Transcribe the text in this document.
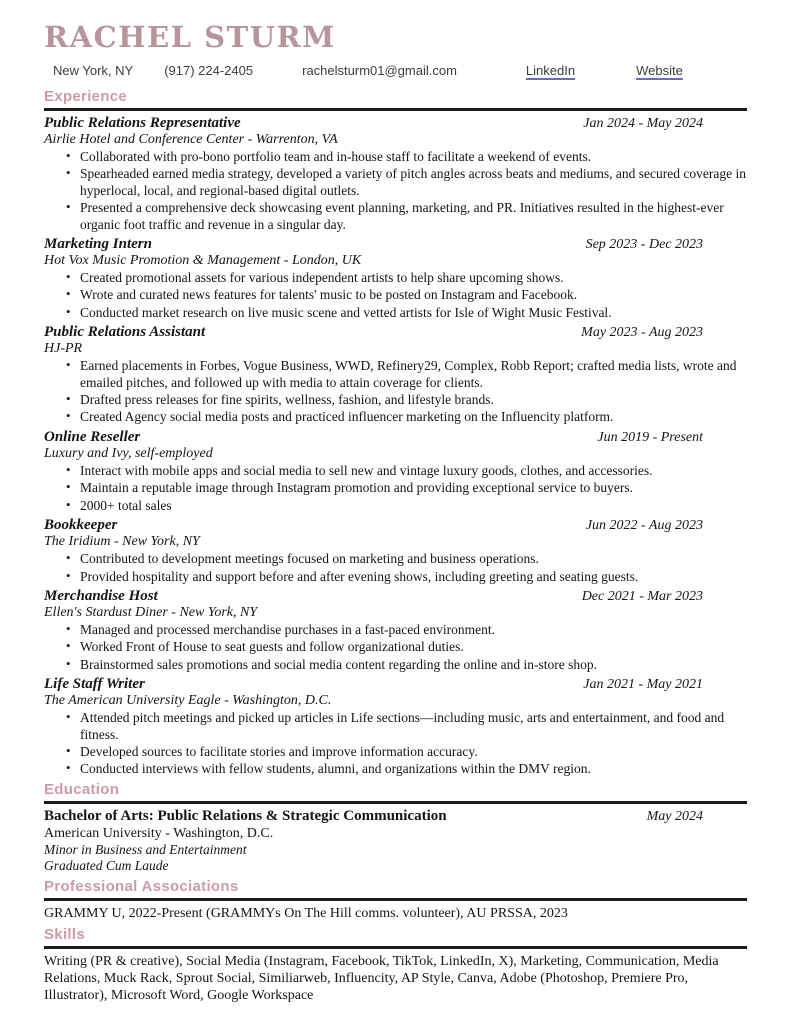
RACHEL STURM
New York, NY (917) 224-2405	rachelsturm01@gmail.com	LinkedIn	Website
Experience
Public Relations Representative	Jan 2024 - May 2024
Airlie Hotel and Conference Center - Warrenton, VA
• Collaborated with pro-bono portfolio team and in-house staff to facilitate a weekend of events.
• Spearheaded earned media strategy, developed a variety of pitch angles across beats and mediums, and secured coverage in hyperlocal, local, and regional-based digital outlets.
• Presented a comprehensive deck showcasing event planning, marketing, and PR. Initiatives resulted in the highest-ever organic foot traffic and revenue in a singular day.
Marketing Intern	Sep 2023 - Dec 2023
Hot Vox Music Promotion & Management - London, UK
• Created promotional assets for various independent artists to help share upcoming shows.
• Wrote and curated news features for talents' music to be posted on Instagram and Facebook.
• Conducted market research on live music scene and vetted artists for Isle of Wight Music Festival.
Public Relations Assistant	May 2023 - Aug 2023
HJ-PR
• Earned placements in Forbes, Vogue Business, WWD, Refinery29, Complex, Robb Report; crafted media lists, wrote and emailed pitches, and followed up with media to attain coverage for clients.
• Drafted press releases for fine spirits, wellness, fashion, and lifestyle brands.
• Created Agency social media posts and practiced influencer marketing on the Influencity platform.
Online Reseller	Jun 2019 - Present
Luxury and Ivy, self-employed
• Interact with mobile apps and social media to sell new and vintage luxury goods, clothes, and accessories.
• Maintain a reputable image through Instagram promotion and providing exceptional service to buyers.
• 2000+ total sales
Bookkeeper	Jun 2022 - Aug 2023
The Iridium - New York, NY
• Contributed to development meetings focused on marketing and business operations.
• Provided hospitality and support before and after evening shows, including greeting and seating guests.
Merchandise Host	Dec 2021 - Mar 2023
Ellen's Stardust Diner - New York, NY
• Managed and processed merchandise purchases in a fast-paced environment.
• Worked Front of House to seat guests and follow organizational duties.
• Brainstormed sales promotions and social media content regarding the online and in-store shop.
Life Staff Writer	Jan 2021 - May 2021
The American University Eagle - Washington, D.C.
• Attended pitch meetings and picked up articles in Life sections—including music, arts and entertainment, and food and fitness.
• Developed sources to facilitate stories and improve information accuracy.
• Conducted interviews with fellow students, alumni, and organizations within the DMV region.
Education
Bachelor of Arts: Public Relations & Strategic Communication	May 2024
American University - Washington, D.C.
Minor in Business and Entertainment
Graduated Cum Laude
Professional Associations
GRAMMY U, 2022-Present (GRAMMYs On The Hill comms. volunteer), AU PRSSA, 2023
Skills
Writing (PR & creative), Social Media (Instagram, Facebook, TikTok, LinkedIn, X), Marketing, Communication, Media Relations, Muck Rack, Sprout Social, Similiarweb, Influencity, AP Style, Canva, Adobe (Photoshop, Premiere Pro, Illustrator), Microsoft Word, Google Workspace
